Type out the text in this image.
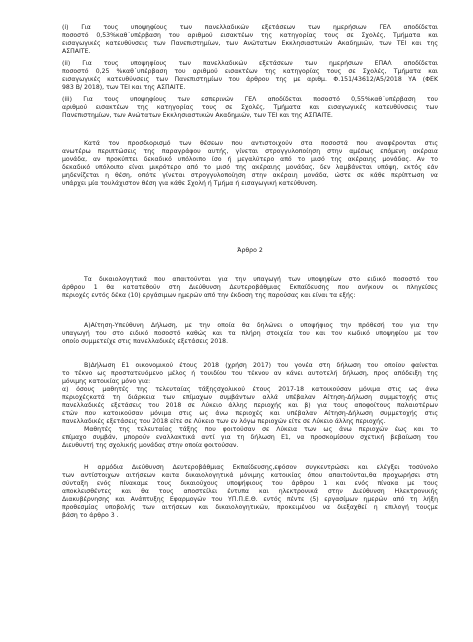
(i) Για τους υποψηφίους των πανελλαδικών εξετάσεων των ημερήσιων ΓΕΛ αποδίδεται
ποσοστό 0,53%καθ΄υπέρβαση του αριθμού εισακτέων της κατηγορίας τους σε Σχολές, Τμήματα και
εισαγωγικές κατευθύνσεις των Πανεπιστημίων, των Ανώτατων Εκκλησιαστικών Ακαδημιών, των ΤΕΙ και της
ΑΣΠΑΙΤΕ.
(ii) Για τους υποψηφίους των πανελλαδικών εξετάσεων των ημερήσιων ΕΠΑΛ αποδίδεται
ποσοστό 0,25 %καθ΄υπέρβαση του αριθμού εισακτέων της κατηγορίας τους σε Σχολές, Τμήματα και
εισαγωγικές κατευθύνσεις των Πανεπιστημίων του άρθρου της με αριθμ. Φ.151/43612/Α5/2018 ΥΑ (ΦΕΚ
983 Β/ 2018), των ΤΕΙ και της ΑΣΠΑΙΤΕ.
(iii) Για τους υποψηφίους των εσπερινών ΓΕΛ αποδίδεται ποσοστό 0,55%καθ΄υπέρβαση του
αριθμού εισακτέων της κατηγορίας τους σε Σχολές, Τμήματα και εισαγωγικές κατευθύνσεις των
Πανεπιστημίων, των Ανώτατων Εκκλησιαστικών Ακαδημιών, των ΤΕΙ και της ΑΣΠΑΙΤΕ.
Κατά τον προσδιορισμό των θέσεων που αντιστοιχούν στα ποσοστά που αναφέρονται στις
ανωτέρω περιπτώσεις της παραγράφου αυτής, γίνεται στρογγυλοποίηση στην αμέσως επόμενη ακέραια
μονάδα, αν προκύπτει δεκαδικό υπόλοιπο ίσο ή μεγαλύτερο από το μισό της ακέραιης μονάδας. Αν το
δεκαδικό υπόλοιπο είναι μικρότερο από το μισό της ακέραιης μονάδας, δεν λαμβάνεται υπόψη, εκτός εάν
μηδενίζεται η θέση, οπότε γίνεται στρογγυλοποίηση στην ακέραιη μονάδα, ώστε σε κάθε περίπτωση να
υπάρχει μία τουλάχιστον θέση για κάθε Σχολή ή Τμήμα ή εισαγωγική κατεύθυνση.
Άρθρο 2
Τα δικαιολογητικά που απαιτούνται για την υπαγωγή των υποψηφίων στο ειδικό ποσοστό του
άρθρου 1 θα κατατεθούν στη Διεύθυνση Δευτεροβάθμιας Εκπαίδευσης που ανήκουν οι πληγείσες
περιοχές εντός δέκα (10) εργάσιμων ημερών από την έκδοση της παρούσας και είναι τα εξής:
Α)Αίτηση-Υπεύθυνη Δήλωση, με την οποία θα δηλώνει ο υποψήφιος την πρόθεσή του για την
υπαγωγή του στο ειδικό ποσοστό καθώς και τα πλήρη στοιχεία του και τον κωδικό υποψηφίου με τον
οποίο συμμετείχε στις πανελλαδικές εξετάσεις 2018.
Β)Δήλωση Ε1 οικονομικού έτους 2018 (χρήση 2017) του γονέα στη δήλωση του οποίου φαίνεται
το τέκνο ως προστατευόμενο μέλος ή τουιδίου του τέκνου αν κάνει αυτοτελή δήλωση, προς απόδειξη της
μόνιμης κατοικίας μόνο για:
α) όσους μαθητές της τελευταίας τάξηςσχολικού έτους 2017-18 κατοικούσαν μόνιμα στις ως άνω
περιοχέςκατά τη διάρκεια των επίμαχων συμβάντων αλλά υπέβαλαν Αίτηση-Δήλωση συμμετοχής στις
πανελλαδικές εξετάσεις του 2018 σε Λύκειο άλλης περιοχής και β) για τους αποφοίτους παλαιοτέρων
ετών που κατοικούσαν μόνιμα στις ως άνω περιοχές και υπέβαλαν Αίτηση-Δήλωση συμμετοχής στις
πανελλαδικές εξετάσεις του 2018 είτε σε Λύκειο των εν λόγω περιοχών είτε σε Λύκειο άλλης περιοχής.
Μαθητές της τελευταίας τάξης που φοιτούσαν σε Λύκεια των ως άνω περιοχών έως και το
επίμαχο συμβάν, μπορούν εναλλακτικά αντί για τη δήλωση Ε1, να προσκομίσουν σχετική βεβαίωση του
Διευθυντή της σχολικής μονάδας στην οποία φοιτούσαν.
Η αρμόδια Διεύθυνση Δευτεροβάθμιας Εκπαίδευσης,εφόσον συγκεντρώσει και ελέγξει τοσύνολο
των αντίστοιχων αιτήσεων καιτα δικαιολογητικά μόνιμης κατοικίας όπου απαιτούνται,θα προχωρήσει στη
σύνταξη ενός πίνακαμε τους δικαιούχους υποψήφιους του άρθρου 1 και ενός πίνακα με τους
αποκλεισθέντες και θα τους αποστείλει έντυπα και ηλεκτρονικά στην Διεύθυνση Ηλεκτρονικής
Διακυβέρνησης και Ανάπτυξης Εφαρμογών του ΥΠ.Π.Ε.Θ. εντός πέντε (5) εργασίμων ημερών από τη λήξη
προθεσμίας υποβολής των αιτήσεων και δικαιολογητικών, προκειμένου να διεξαχθεί η επιλογή τουςμε
βάση το άρθρο 3 .
